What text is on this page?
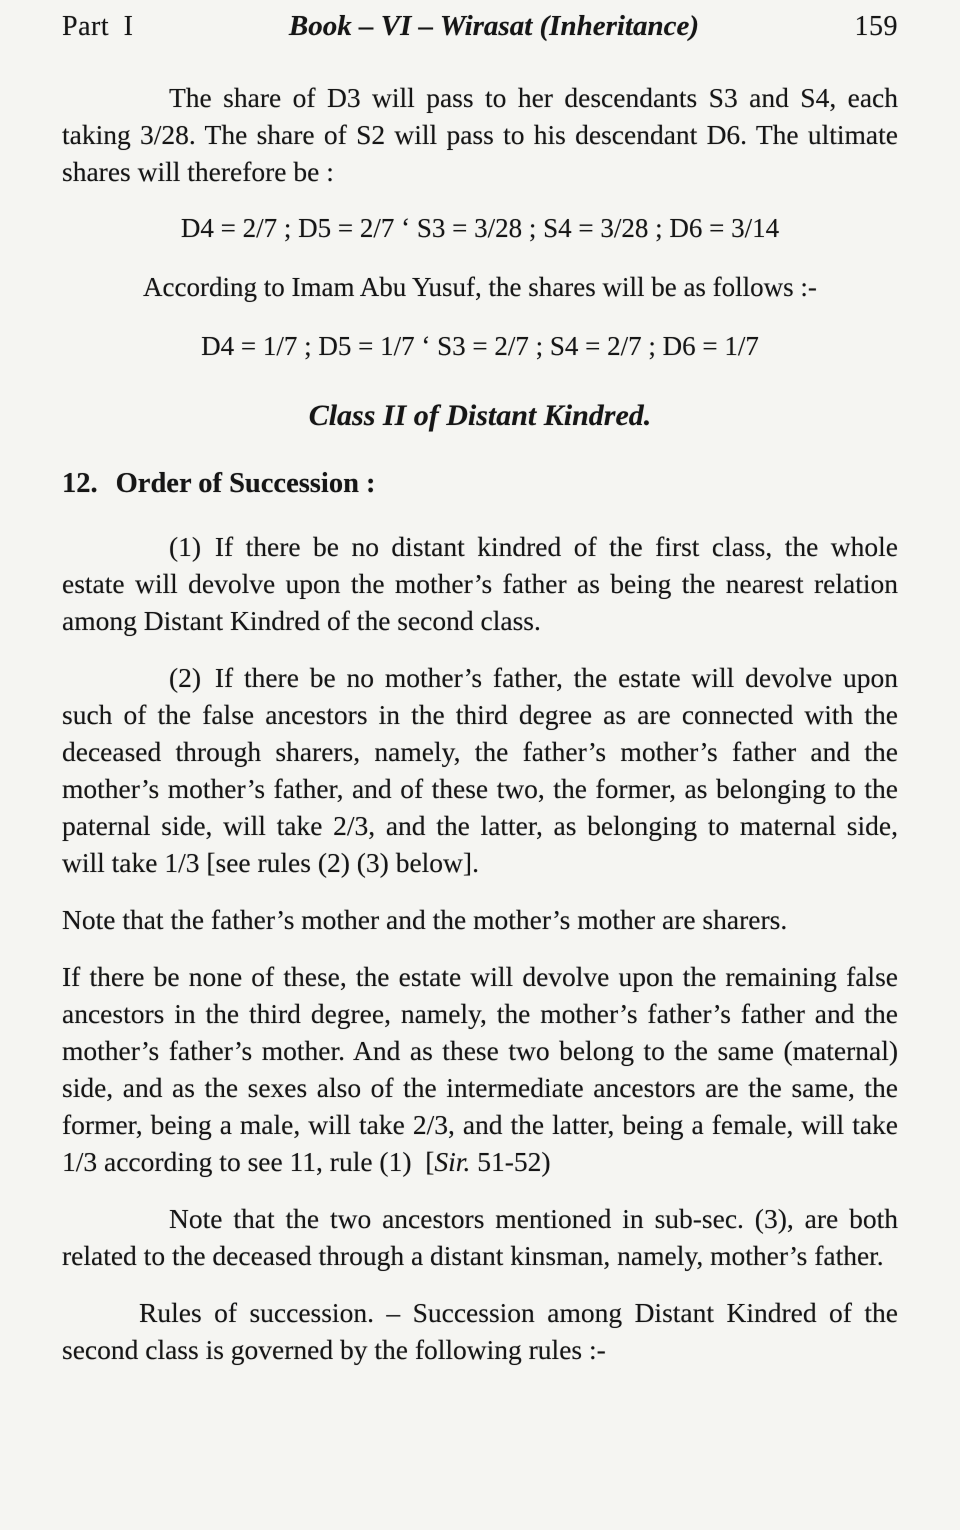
Part I	Book – VI – Wirasat (Inheritance)	159

The share of D3 will pass to her descendants S3 and S4, each taking 3/28. The share of S2 will pass to his descendant D6. The ultimate shares will therefore be :

D4 = 2/7 ; D5 = 2/7 ‘ S3 = 3/28 ; S4 = 3/28 ; D6 = 3/14
According to Imam Abu Yusuf, the shares will be as follows :-
D4 = 1/7 ; D5 = 1/7 ‘ S3 = 2/7 ; S4 = 2/7 ; D6 = 1/7
Class II of Distant Kindred.
12. Order of Succession :

(1) If there be no distant kindred of the first class, the whole estate will devolve upon the mother’s father as being the nearest relation among Distant Kindred of the second class.

(2) If there be no mother’s father, the estate will devolve upon such of the false ancestors in the third degree as are connected with the deceased through sharers, namely, the father’s mother’s father and the mother’s mother’s father, and of these two, the former, as belonging to the paternal side, will take 2/3, and the latter, as belonging to maternal side, will take 1/3 [see rules (2) (3) below].

Note that the father’s mother and the mother’s mother are sharers.

If there be none of these, the estate will devolve upon the remaining false ancestors in the third degree, namely, the mother’s father’s father and the mother’s father’s mother. And as these two belong to the same (maternal) side, and as the sexes also of the intermediate ancestors are the same, the former, being a male, will take 2/3, and the latter, being a female, will take 1/3 according to see 11, rule (1) [Sir. 51-52)

Note that the two ancestors mentioned in sub-sec. (3), are both related to the deceased through a distant kinsman, namely, mother’s father.

Rules of succession. – Succession among Distant Kindred of the second class is governed by the following rules :-
